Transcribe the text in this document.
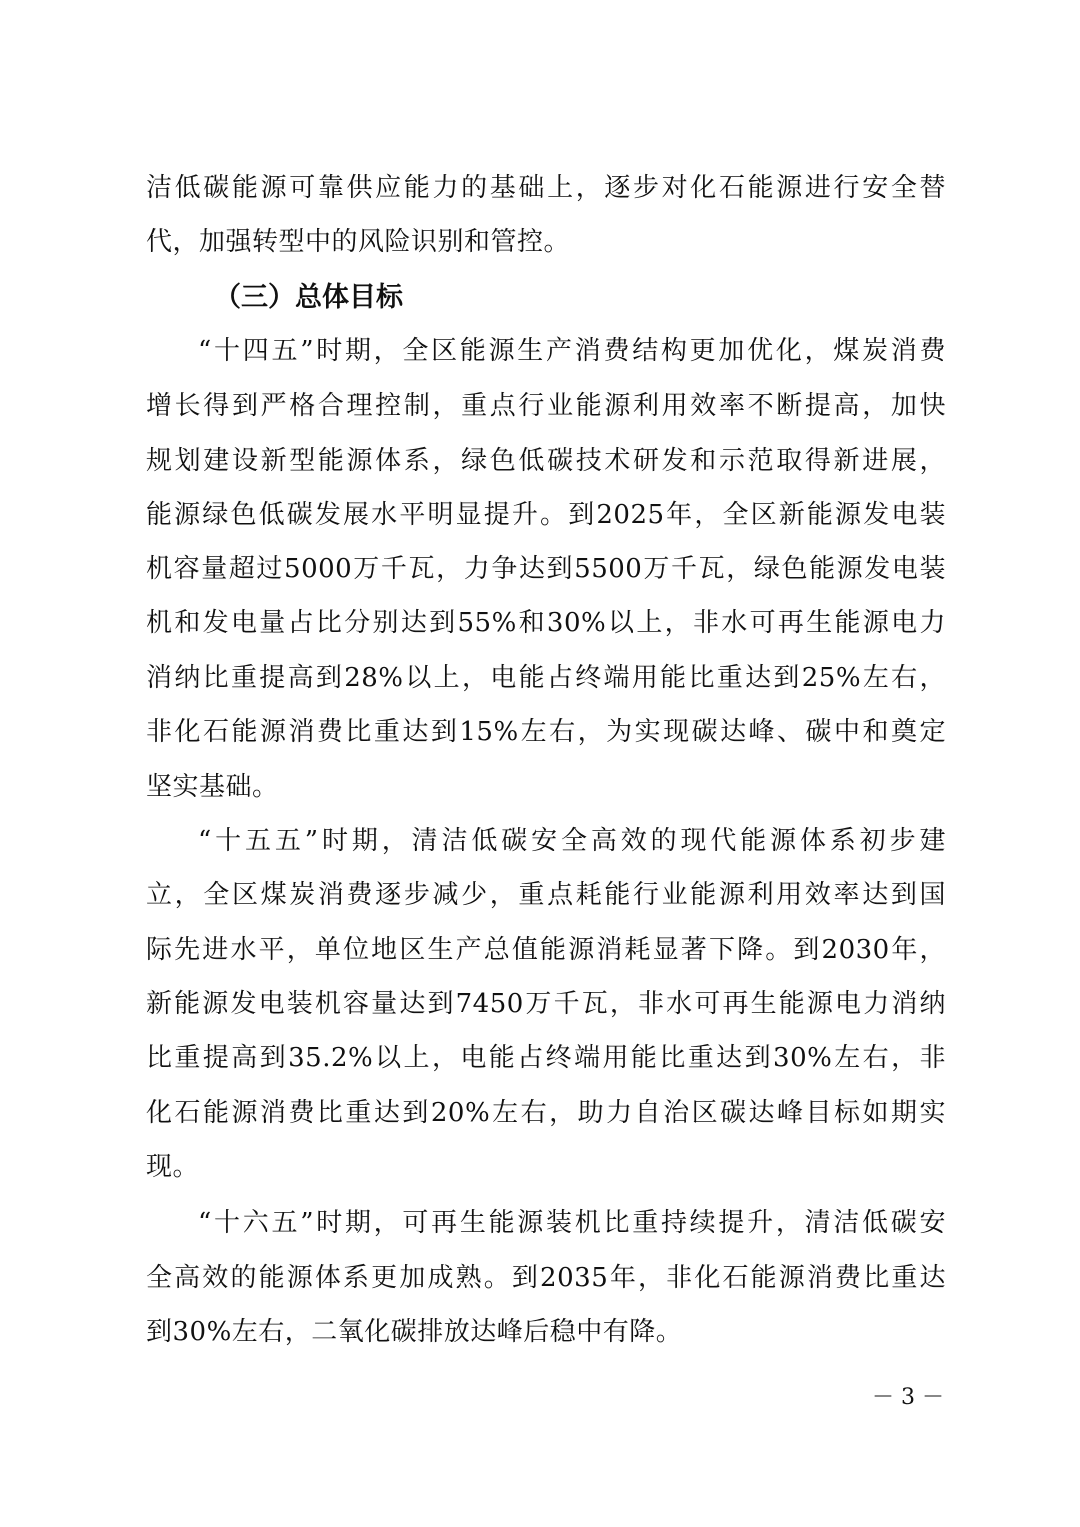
洁低碳能源可靠供应能力的基础上，逐步对化石能源进行安全替
代，加强转型中的风险识别和管控。
（三）总体目标
“十四五”时期，全区能源生产消费结构更加优化，煤炭消费
增长得到严格合理控制，重点行业能源利用效率不断提高，加快
规划建设新型能源体系，绿色低碳技术研发和示范取得新进展，
能源绿色低碳发展水平明显提升。到2025年，全区新能源发电装
机容量超过5000万千瓦，力争达到5500万千瓦，绿色能源发电装
机和发电量占比分别达到55%和30%以上，非水可再生能源电力
消纳比重提高到28%以上，电能占终端用能比重达到25%左右，
非化石能源消费比重达到15%左右，为实现碳达峰、碳中和奠定
坚实基础。
“十五五”时期，清洁低碳安全高效的现代能源体系初步建
立，全区煤炭消费逐步减少，重点耗能行业能源利用效率达到国
际先进水平，单位地区生产总值能源消耗显著下降。到2030年，
新能源发电装机容量达到7450万千瓦，非水可再生能源电力消纳
比重提高到35.2%以上，电能占终端用能比重达到30%左右，非
化石能源消费比重达到20%左右，助力自治区碳达峰目标如期实
现。
“十六五”时期，可再生能源装机比重持续提升，清洁低碳安
全高效的能源体系更加成熟。到2035年，非化石能源消费比重达
到30%左右，二氧化碳排放达峰后稳中有降。
－ 3 －
